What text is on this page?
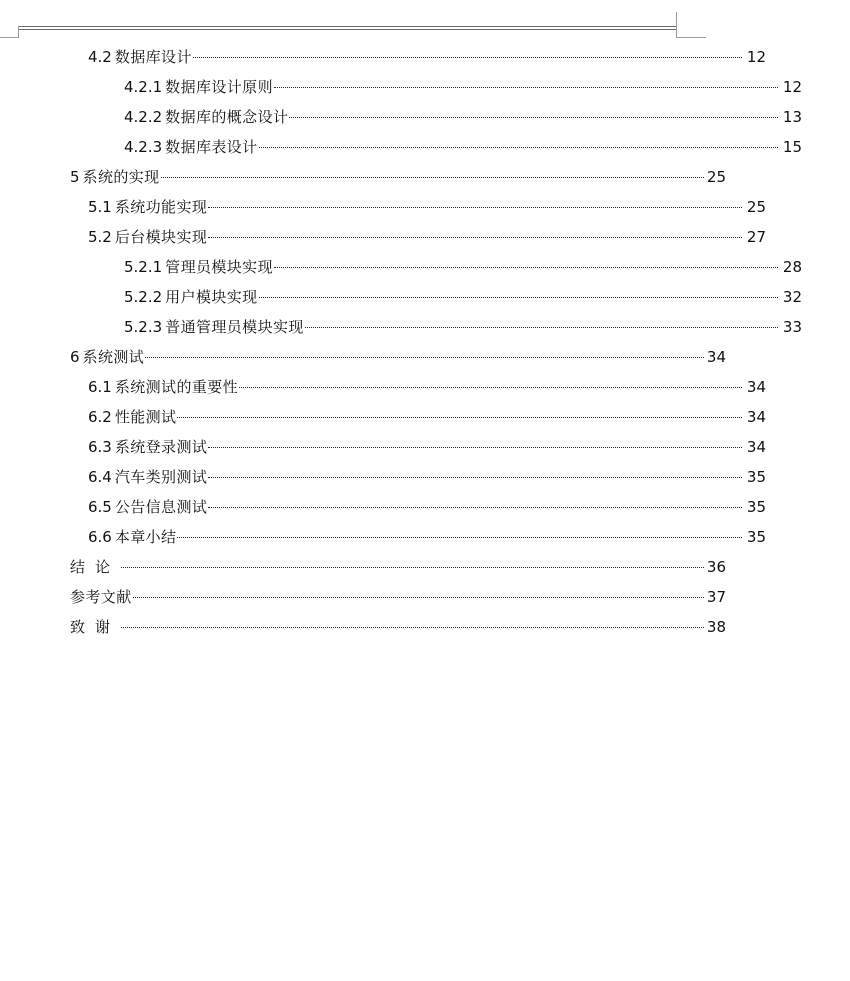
4.2 数据库设计	12
4.2.1 数据库设计原则	12
4.2.2 数据库的概念设计	13
4.2.3 数据库表设计	15
5 系统的实现	25
5.1 系统功能实现	25
5.2 后台模块实现	27
5.2.1 管理员模块实现	28
5.2.2 用户模块实现	32
5.2.3 普通管理员模块实现	33
6 系统测试	34
6.1 系统测试的重要性	34
6.2 性能测试	34
6.3 系统登录测试	34
6.4 汽车类别测试	35
6.5 公告信息测试	35
6.6 本章小结	35
结论	36
参考文献	37
致谢	38
